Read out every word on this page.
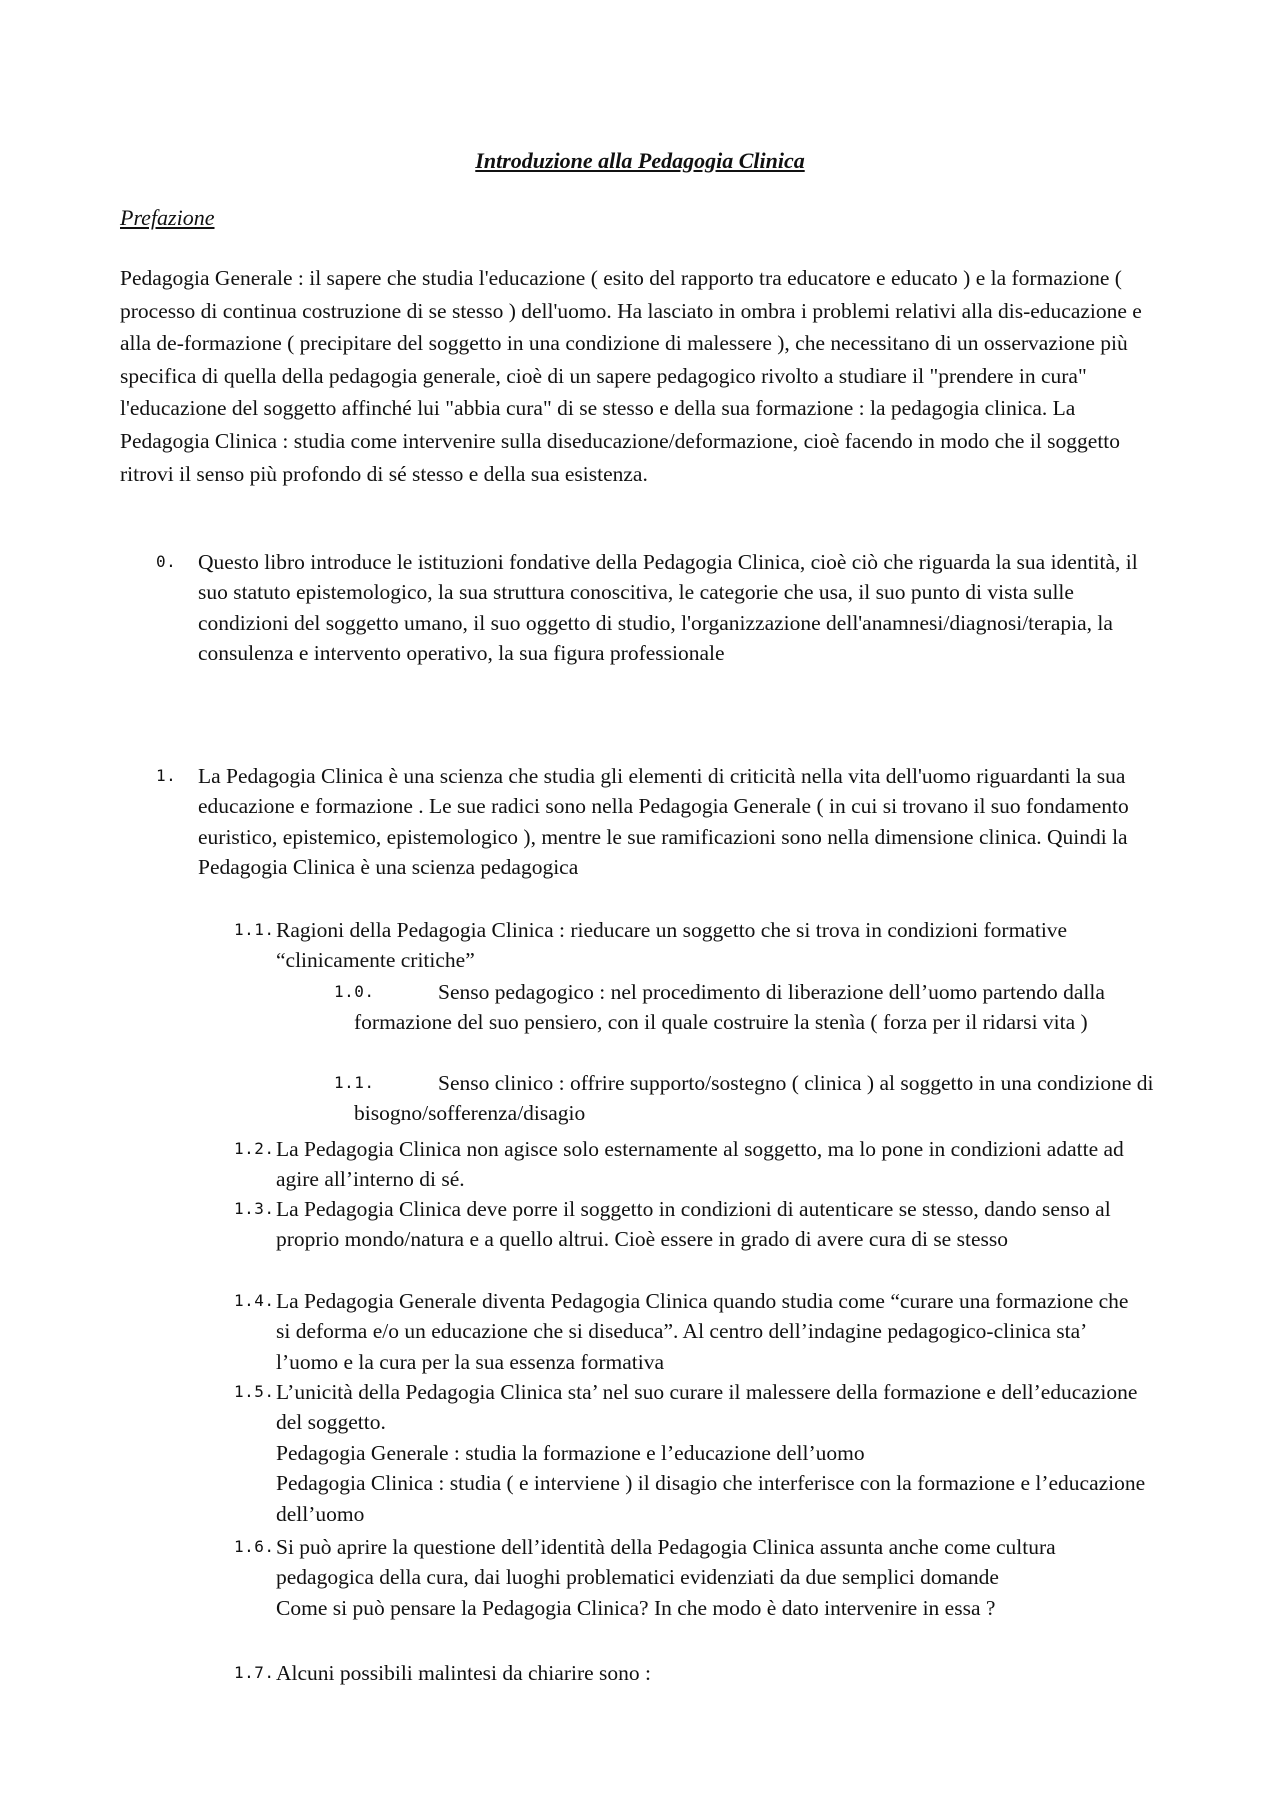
Introduzione alla Pedagogia Clinica
Prefazione
Pedagogia Generale : il sapere che studia l'educazione ( esito del rapporto tra educatore e educato ) e la formazione ( processo di continua costruzione di se stesso ) dell'uomo. Ha lasciato in ombra i problemi relativi alla dis-educazione e alla de-formazione ( precipitare del soggetto in una condizione di malessere ), che necessitano di un osservazione più specifica di quella della pedagogia generale, cioè di un sapere pedagogico rivolto a studiare il "prendere in cura" l'educazione del soggetto affinché lui "abbia cura" di se stesso e della sua formazione : la pedagogia clinica. La Pedagogia Clinica : studia come intervenire sulla diseducazione/deformazione, cioè facendo in modo che il soggetto ritrovi il senso più profondo di sé stesso e della sua esistenza.
0. Questo libro introduce le istituzioni fondative della Pedagogia Clinica, cioè ciò che riguarda la sua identità, il suo statuto epistemologico, la sua struttura conoscitiva, le categorie che usa, il suo punto di vista sulle condizioni del soggetto umano, il suo oggetto di studio, l'organizzazione dell'anamnesi/diagnosi/terapia, la consulenza e intervento operativo, la sua figura professionale
1. La Pedagogia Clinica è una scienza che studia gli elementi di criticità nella vita dell'uomo riguardanti la sua educazione e formazione . Le sue radici sono nella Pedagogia Generale ( in cui si trovano il suo fondamento euristico, epistemico, epistemologico ), mentre le sue ramificazioni sono nella dimensione clinica. Quindi la Pedagogia Clinica è una scienza pedagogica
1.1. Ragioni della Pedagogia Clinica : rieducare un soggetto che si trova in condizioni formative “clinicamente critiche”
1.0.	Senso pedagogico : nel procedimento di liberazione dell’uomo partendo dalla formazione del suo pensiero, con il quale costruire la stenìa ( forza per il ridarsi vita )
1.1.	Senso clinico : offrire supporto/sostegno ( clinica ) al soggetto in una condizione di bisogno/sofferenza/disagio
1.2. La Pedagogia Clinica non agisce solo esternamente al soggetto, ma lo pone in condizioni adatte ad agire all’interno di sé.
1.3. La Pedagogia Clinica deve porre il soggetto in condizioni di autenticare se stesso, dando senso al proprio mondo/natura e a quello altrui. Cioè essere in grado di avere cura di se stesso
1.4. La Pedagogia Generale diventa Pedagogia Clinica quando studia come “curare una formazione che si deforma e/o un educazione che si diseduca”. Al centro dell’indagine pedagogico-clinica sta’ l’uomo e la cura per la sua essenza formativa
1.5. L’unicità della Pedagogia Clinica sta’ nel suo curare il malessere della formazione e dell’educazione del soggetto.
Pedagogia Generale : studia la formazione e l’educazione dell’uomo
Pedagogia Clinica : studia ( e interviene ) il disagio che interferisce con la formazione e l’educazione dell’uomo
1.6. Si può aprire la questione dell’identità della Pedagogia Clinica assunta anche come cultura pedagogica della cura, dai luoghi problematici evidenziati da due semplici domande
Come si può pensare la Pedagogia Clinica? In che modo è dato intervenire in essa ?
1.7. Alcuni possibili malintesi da chiarire sono :
